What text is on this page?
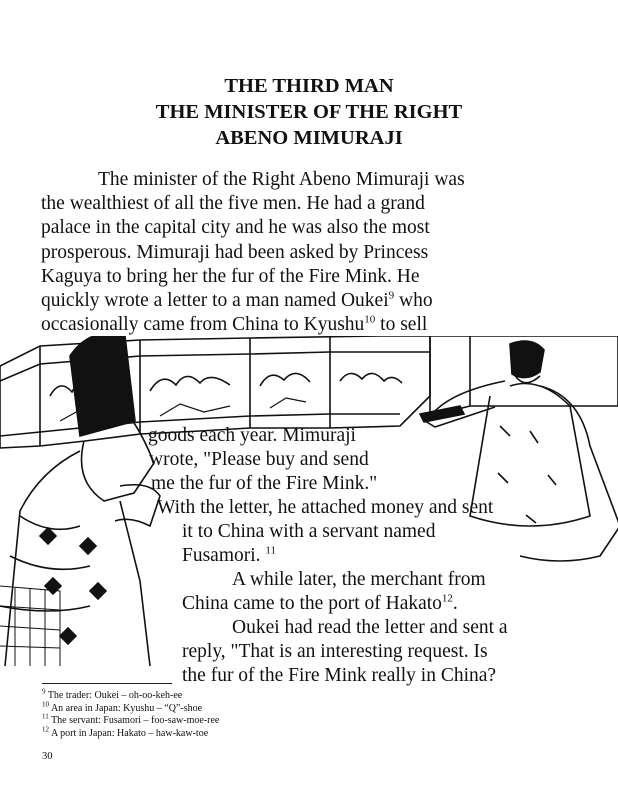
THE THIRD MAN
THE MINISTER OF THE RIGHT
ABENO MIMURAJI
The minister of the Right Abeno Mimuraji was
the wealthiest of all the five men. He had a grand
palace in the capital city and he was also the most
prosperous. Mimuraji had been asked by Princess
Kaguya to bring her the fur of the Fire Mink. He
quickly wrote a letter to a man named Oukei$^9$ who
occasionally came from China to Kyushu$^{10}$ to sell
goods each year. Mimuraji
wrote, "Please buy and send
me the fur of the Fire Mink."
With the letter, he attached money and sent
it to China with a servant named
Fusamori. $^{11}$
A while later, the merchant from
China came to the port of Hakato$^{12}$.
Oukei had read the letter and sent a
reply, "That is an interesting request. Is
the fur of the Fire Mink really in China?
$^9$ The trader: Oukei – oh-oo-keh-ee
$^{10}$ An area in Japan: Kyushu – “Q”-shoe
$^{11}$ The servant: Fusamori – foo-saw-moe-ree
$^{12}$ A port in Japan: Hakato – haw-kaw-toe
30
